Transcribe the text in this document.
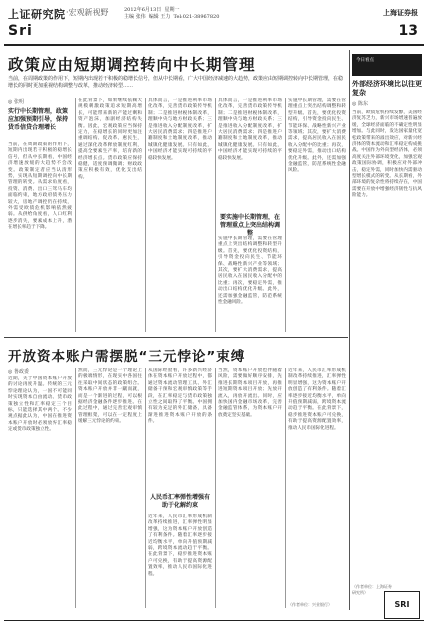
上证研究院 ·宏观新视野	2012年6月13日  星期一
主编 张伟  编辑 王力  Tel:021-38967820	上海证券报
Sri	13
政策应由短期调控转向中长期管理
当前，在周期政策的作用下，短期内出现若干积极的稳增长信号，但从中长期看，广大中国经济减速的大趋势，政策应由短期调控转向中长期管理，在稳增长的同时更加重视结构调整与改革，推动经济转型……
◎ 张明
实行中长期管理，政策应加强预期引导，保持货币信贷合理增长
当前，在周期政策的作用下，短期内出现若干积极的稳增长信号，但从中长期看，中国经济增速放缓的大趋势不会改变。政策制定者应当认清形势，实现从短期调控向中长期管理的转变。从需求角度看，投资、消费、出口三驾马车均面临约束，地方政府债务压力较大，房地产调控仍在持续，外需受欧债危机影响依然疲弱。从供给角度看，人口红利逐步消失，要素成本上升，潜在增长率趋于下降。
在此背景下，如果继续依赖大规模刺激政策追求短期高增长，可能带来新的产能过剩和资产泡沫，加剧经济结构失衡。因此，宏观政策应当保持定力，在稳增长的同时更加注重调结构、促改革、惠民生，通过深化改革释放制度红利，提高全要素生产率，培育新的经济增长点。货币政策应保持稳健，适度预调微调；财政政策应积极有效，优化支出结构。
具体而言，一是推进利率市场化改革，完善货币政策传导机制；二是推进财税体制改革，理顺中央与地方财政关系；三是推进收入分配制度改革，扩大居民消费需求；四是推进户籍制度和土地制度改革，推动城镇化健康发展。只有如此，中国经济才能实现可持续的平稳较快发展。
具体而言，一是推进利率市场化改革，完善货币政策传导机制；二是推进财税体制改革，理顺中央与地方财政关系；三是推进收入分配制度改革，扩大居民消费需求；四是推进户籍制度和土地制度改革，推动城镇化健康发展。只有如此，中国经济才能实现可持续的平稳较快发展。
要实施中长期管理，在管理重点上突出结构调整
实施中长期管理，需要在管理重点上突出结构调整和转型升级。首先，要优化投资结构，引导资金投向民生、节能环保、战略性新兴产业等领域；其次，要扩大消费需求，提高居民收入在国民收入分配中的比重；再次，要稳定外需，推动出口结构优化升级。此外，还需加强金融监管，防范系统性金融风险。
实施中长期管理，需要在管理重点上突出结构调整和转型升级。首先，要优化投资结构，引导资金投向民生、节能环保、战略性新兴产业等领域；其次，要扩大消费需求，提高居民收入在国民收入分配中的比重；再次，要稳定外需，推动出口结构优化升级。此外，还需加强金融监管，防范系统性金融风险。
今日看点
外部经济环境比以往更复杂
◎ 陈东
当前，欧债危机持续发酵，美国经济复苏乏力，新兴市场增速普遍放缓，全球经济面临的不确定性明显增加。与此同时，发达国家量化宽松政策带来的溢出效应，对新兴经济体的资本流动和汇率稳定构成挑战。中国作为外向型经济体，必须高度关注外部环境变化，加强宏观政策国际协调，积极应对外部冲击，稳定外需，同时加快内需驱动型增长模式的转变。从长期看，外部环境的复杂性将持续存在，中国需要在开放中增强经济韧性与抗风险能力。
（作者单位：上海证券研究所）
开放资本账户需摆脱“三元悖论”束缚
◎ 鲁政委
近期，关于中国资本账户开放的讨论再度升温。传统的三元悖论理论认为，一国不可能同时实现资本自由流动、货币政策独立性和汇率稳定三个目标，只能选择其中两个。不少观点据此认为，中国在推进资本账户开放时必须放弃汇率稳定或货币政策独立性。
然而，三元悖论是一个理论上的极端情形，在现实中各国往往采取中间状态的政策组合。资本账户开放并非一蹴而就，而是一个渐进的过程，可以根据经济金融条件逐步推进。在此过程中，通过完善宏观审慎管理框架，可以在一定程度上缓解三元悖论的约束。
从国际经验看，许多新兴经济体在资本账户开放过程中，都通过资本流动管理工具、外汇储备干预和宏观审慎政策等手段，在汇率稳定与货币政策独立性之间取得了平衡。中国拥有较为充足的外汇储备，具备渐进推进资本账户开放的条件。
人民币汇率弹性增强有助于化解约束
近年来，人民币汇率形成机制改革持续推进，汇率弹性明显增强，这为资本账户开放创造了有利条件。随着汇率逐步接近均衡水平，单向升值预期减弱，跨境资本流动趋于平衡。在此背景下，稳步推进资本账户可兑换，有助于提高资源配置效率，推动人民币国际化进程。
当然，资本账户开放也伴随着风险，需要做好顺序安排，先推进长期资本项目开放，再推进短期资本项目开放；先放开流入，再放开流出。同时，应加快国内金融市场改革，完善金融监管体系，为资本账户开放奠定坚实基础。
近年来，人民币汇率形成机制改革持续推进，汇率弹性明显增强，这为资本账户开放创造了有利条件。随着汇率逐步接近均衡水平，单向升值预期减弱，跨境资本流动趋于平衡。在此背景下，稳步推进资本账户可兑换，有助于提高资源配置效率，推动人民币国际化进程。
（作者单位：兴业银行）	SRI
